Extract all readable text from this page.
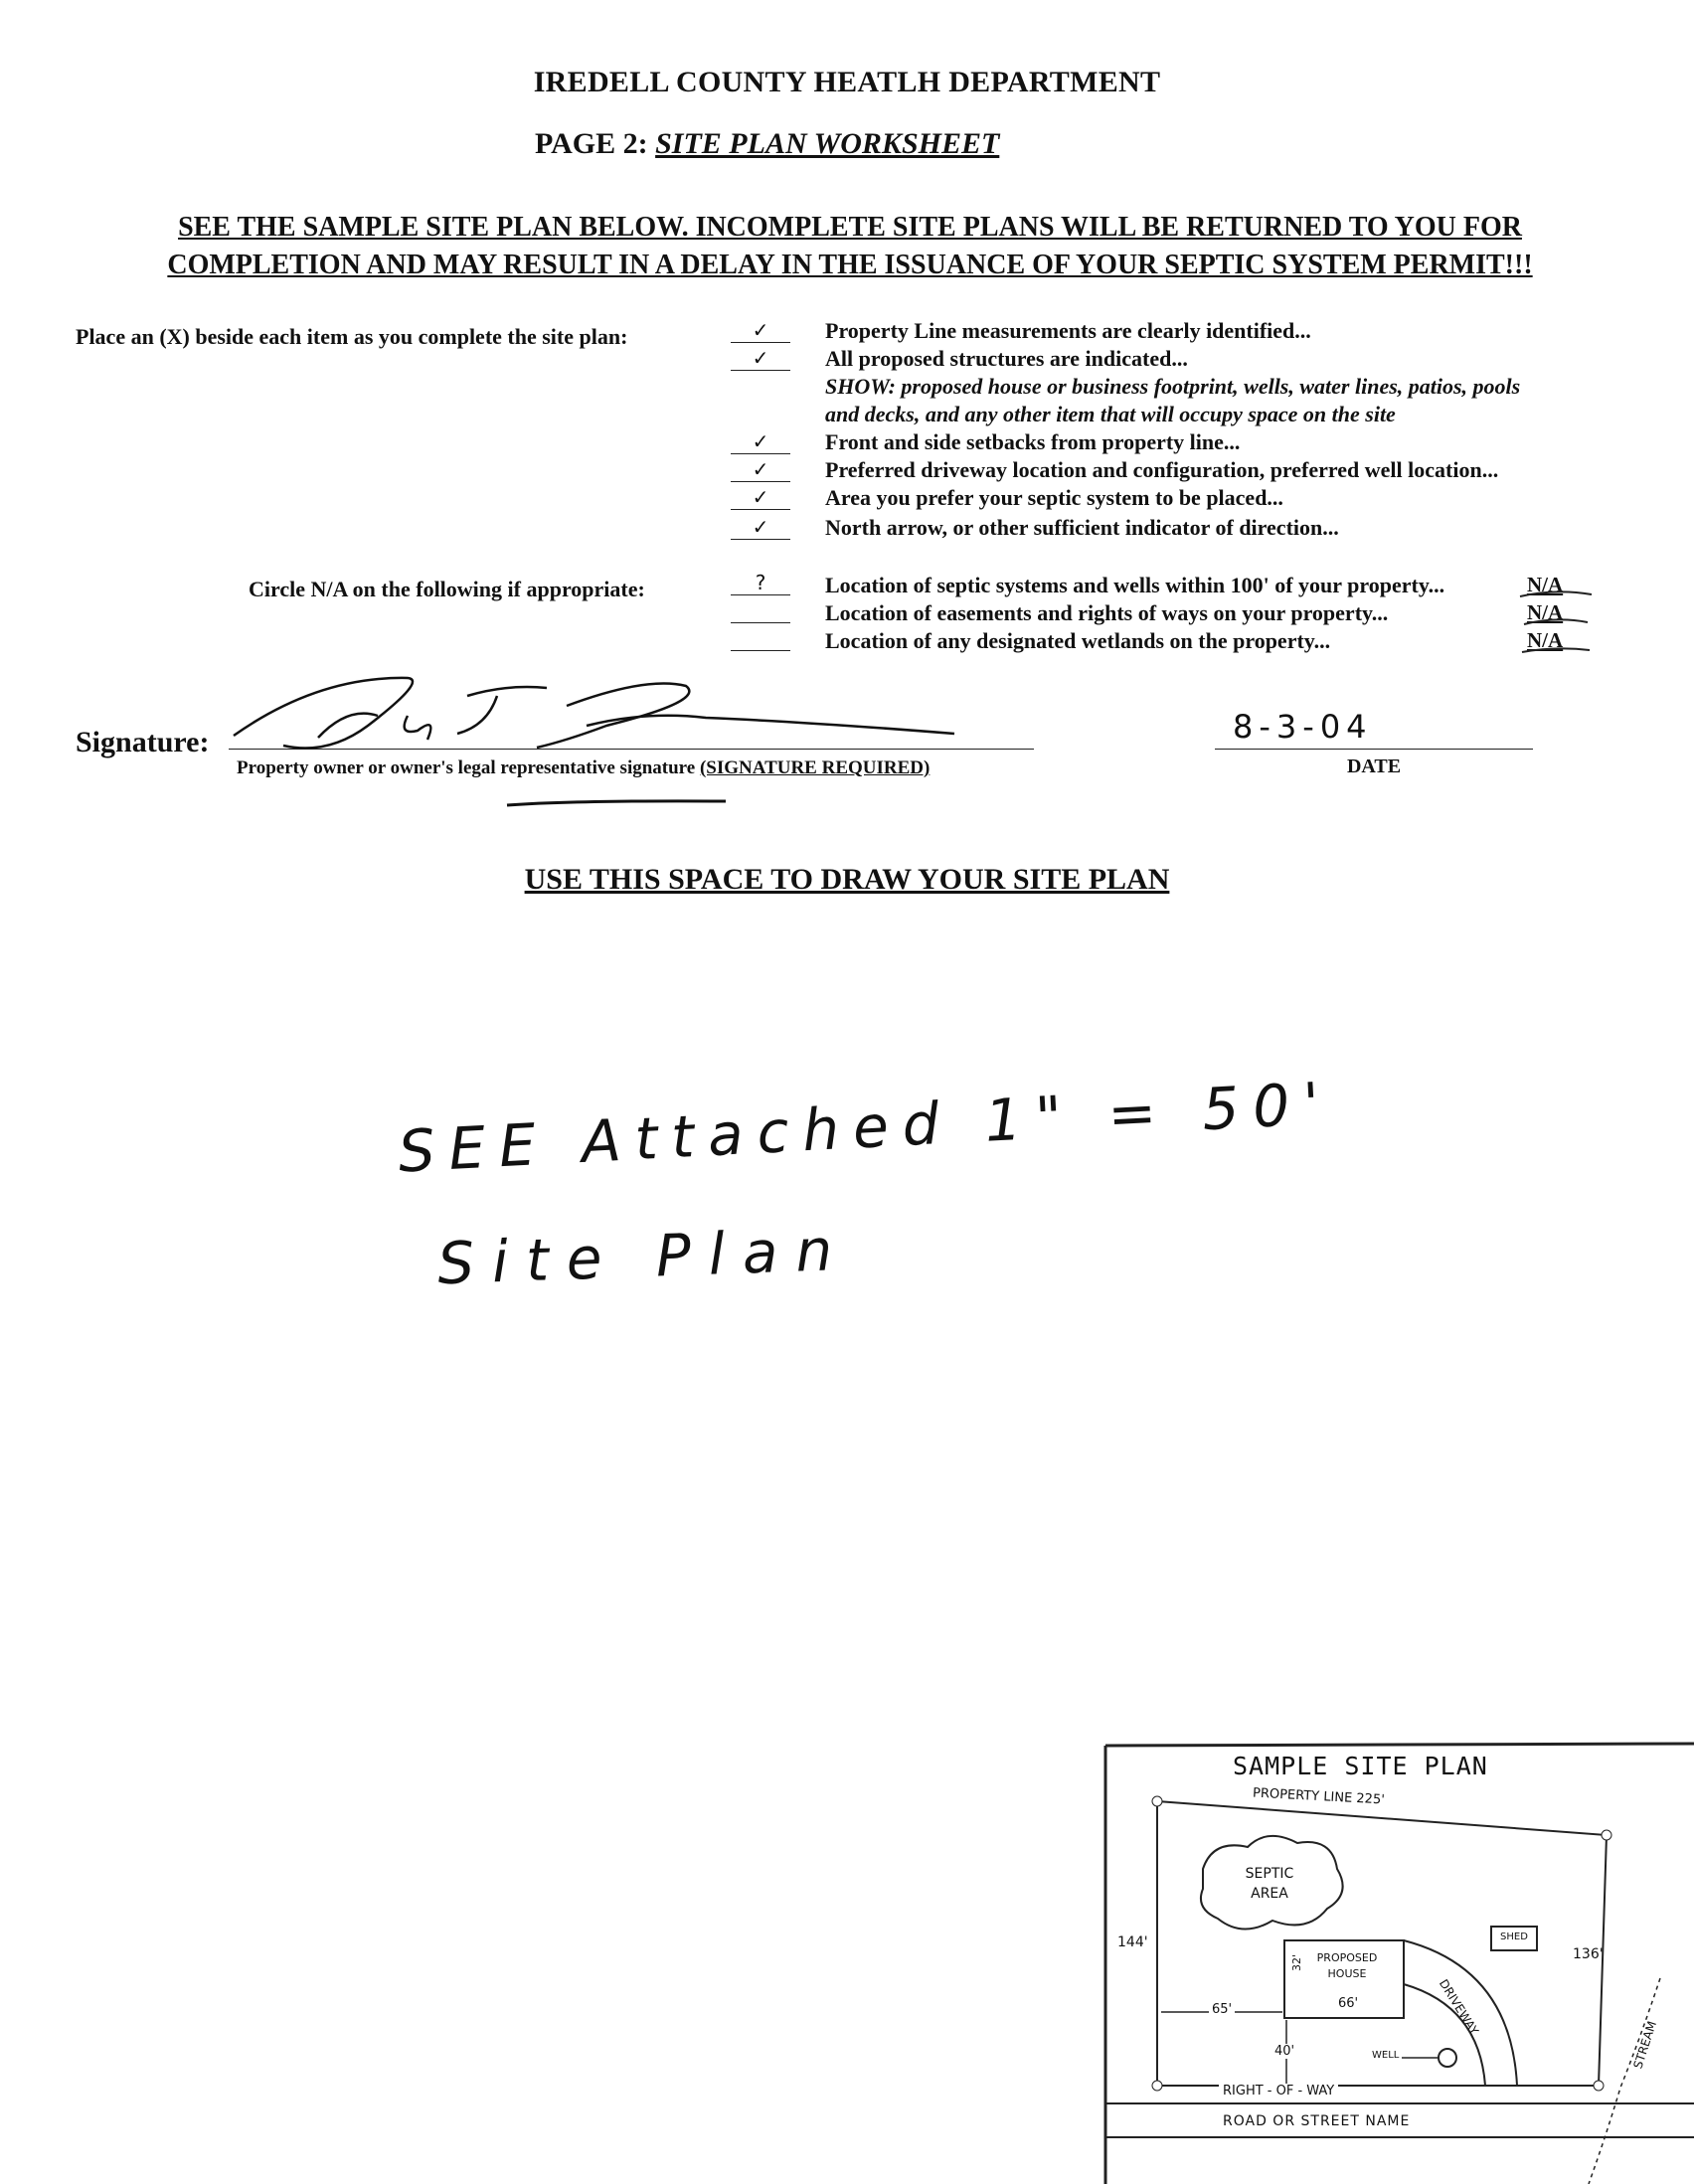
IREDELL COUNTY HEATLH DEPARTMENT
PAGE 2: SITE PLAN WORKSHEET
SEE THE SAMPLE SITE PLAN BELOW. INCOMPLETE SITE PLANS WILL BE RETURNED TO YOU FOR COMPLETION AND MAY RESULT IN A DELAY IN THE ISSUANCE OF YOUR SEPTIC SYSTEM PERMIT!!!
Place an (X) beside each item as you complete the site plan:	✓	Property Line measurements are clearly identified...
✓	All proposed structures are indicated...
SHOW: proposed house or business footprint, wells, water lines, patios, pools
and decks, and any other item that will occupy space on the site
✓	Front and side setbacks from property line...
✓	Preferred driveway location and configuration, preferred well location...
✓	Area you prefer your septic system to be placed...
✓	North arrow, or other sufficient indicator of direction...
Circle N/A on the following if appropriate:	?	Location of septic systems and wells within 100' of your property...	N/A
Location of easements and rights of ways on your property...	N/A
Location of any designated wetlands on the property...	N/A
Signature:
Property owner or owner's legal representative signature (SIGNATURE REQUIRED)
8-3-04
DATE
USE THIS SPACE TO DRAW YOUR SITE PLAN
SEE Attached 1" = 50'
Site Plan
SAMPLE SITE PLAN
PROPERTY LINE 225'
SEPTIC AREA
SHED
PROPOSED HOUSE
32'
66'
144'
136'
65'
40'
DRIVEWAY
WELL
RIGHT - OF - WAY
ROAD OR STREET NAME
STREAM
